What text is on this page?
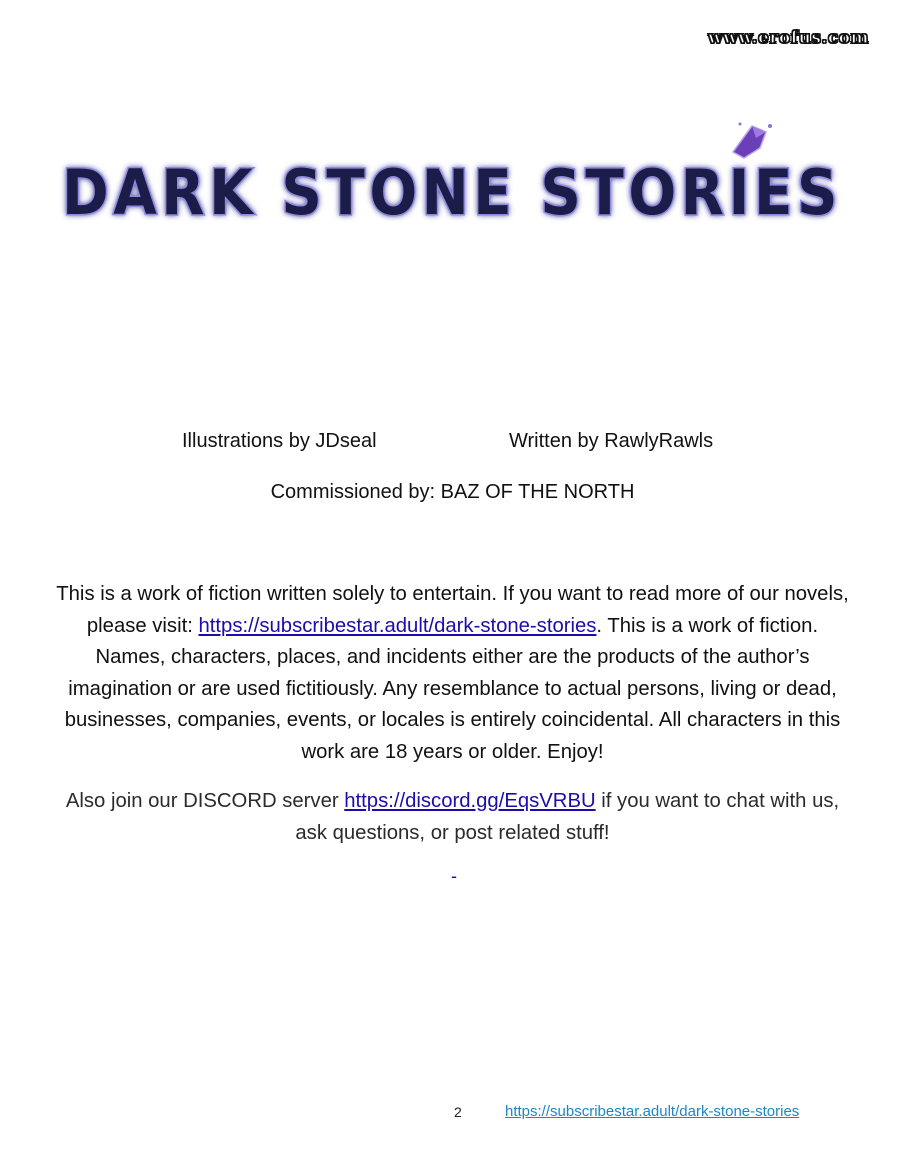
www.erofus.com
DARK STONE STORIES
Illustrations by JDseal	Written by RawlyRawls
Commissioned by: BAZ OF THE NORTH

This is a work of fiction written solely to entertain. If you want to read more of our novels, please visit: https://subscribestar.adult/dark-stone-stories. This is a work of fiction. Names, characters, places, and incidents either are the products of the author’s imagination or are used fictitiously. Any resemblance to actual persons, living or dead, businesses, companies, events, or locales is entirely coincidental. All characters in this work are 18 years or older. Enjoy!

Also join our DISCORD server https://discord.gg/EqsVRBU if you want to chat with us, ask questions, or post related stuff!

-
2	https://subscribestar.adult/dark-stone-stories
